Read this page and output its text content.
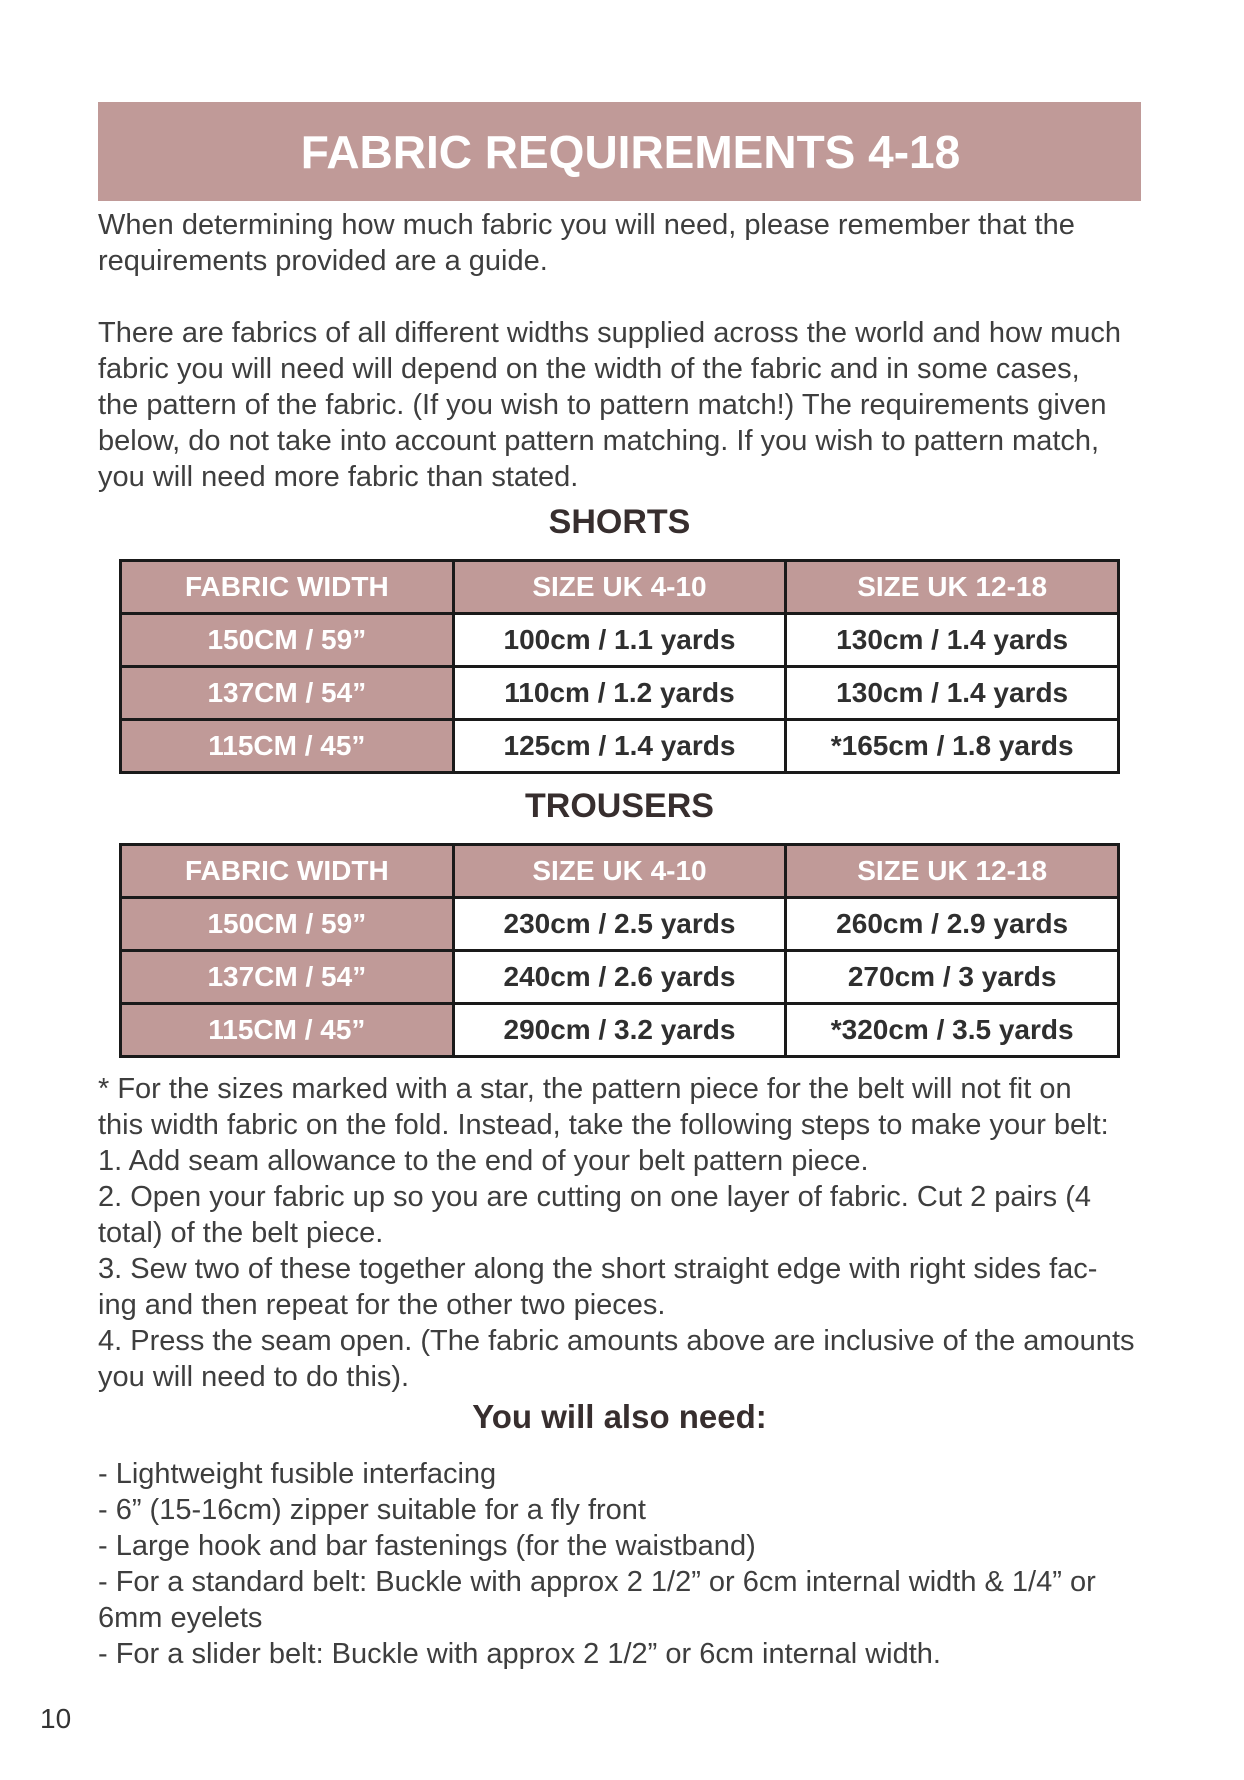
FABRIC REQUIREMENTS 4-18
When determining how much fabric you will need, please remember that the
requirements provided are a guide.
There are fabrics of all different widths supplied across the world and how much
fabric you will need will depend on the width of the fabric and in some cases,
the pattern of the fabric. (If you wish to pattern match!) The requirements given
below, do not take into account pattern matching. If you wish to pattern match,
you will need more fabric than stated.
SHORTS
FABRIC WIDTH	SIZE UK 4-10	SIZE UK 12-18
150CM / 59”	100cm / 1.1 yards	130cm / 1.4 yards
137CM / 54”	110cm / 1.2 yards	130cm / 1.4 yards
115CM / 45”	125cm / 1.4 yards	*165cm / 1.8 yards
TROUSERS
FABRIC WIDTH	SIZE UK 4-10	SIZE UK 12-18
150CM / 59”	230cm / 2.5 yards	260cm / 2.9 yards
137CM / 54”	240cm / 2.6 yards	270cm / 3 yards
115CM / 45”	290cm / 3.2 yards	*320cm / 3.5 yards
* For the sizes marked with a star, the pattern piece for the belt will not fit on
this width fabric on the fold. Instead, take the following steps to make your belt:
1. Add seam allowance to the end of your belt pattern piece.
2. Open your fabric up so you are cutting on one layer of fabric. Cut 2 pairs (4
total) of the belt piece.
3. Sew two of these together along the short straight edge with right sides fac-
ing and then repeat for the other two pieces.
4. Press the seam open. (The fabric amounts above are inclusive of the amounts
you will need to do this).
You will also need:
- Lightweight fusible interfacing
- 6” (15-16cm) zipper suitable for a fly front
- Large hook and bar fastenings (for the waistband)
- For a standard belt: Buckle with approx 2 1/2” or 6cm internal width & 1/4” or
6mm eyelets
- For a slider belt: Buckle with approx 2 1/2” or 6cm internal width.
10
